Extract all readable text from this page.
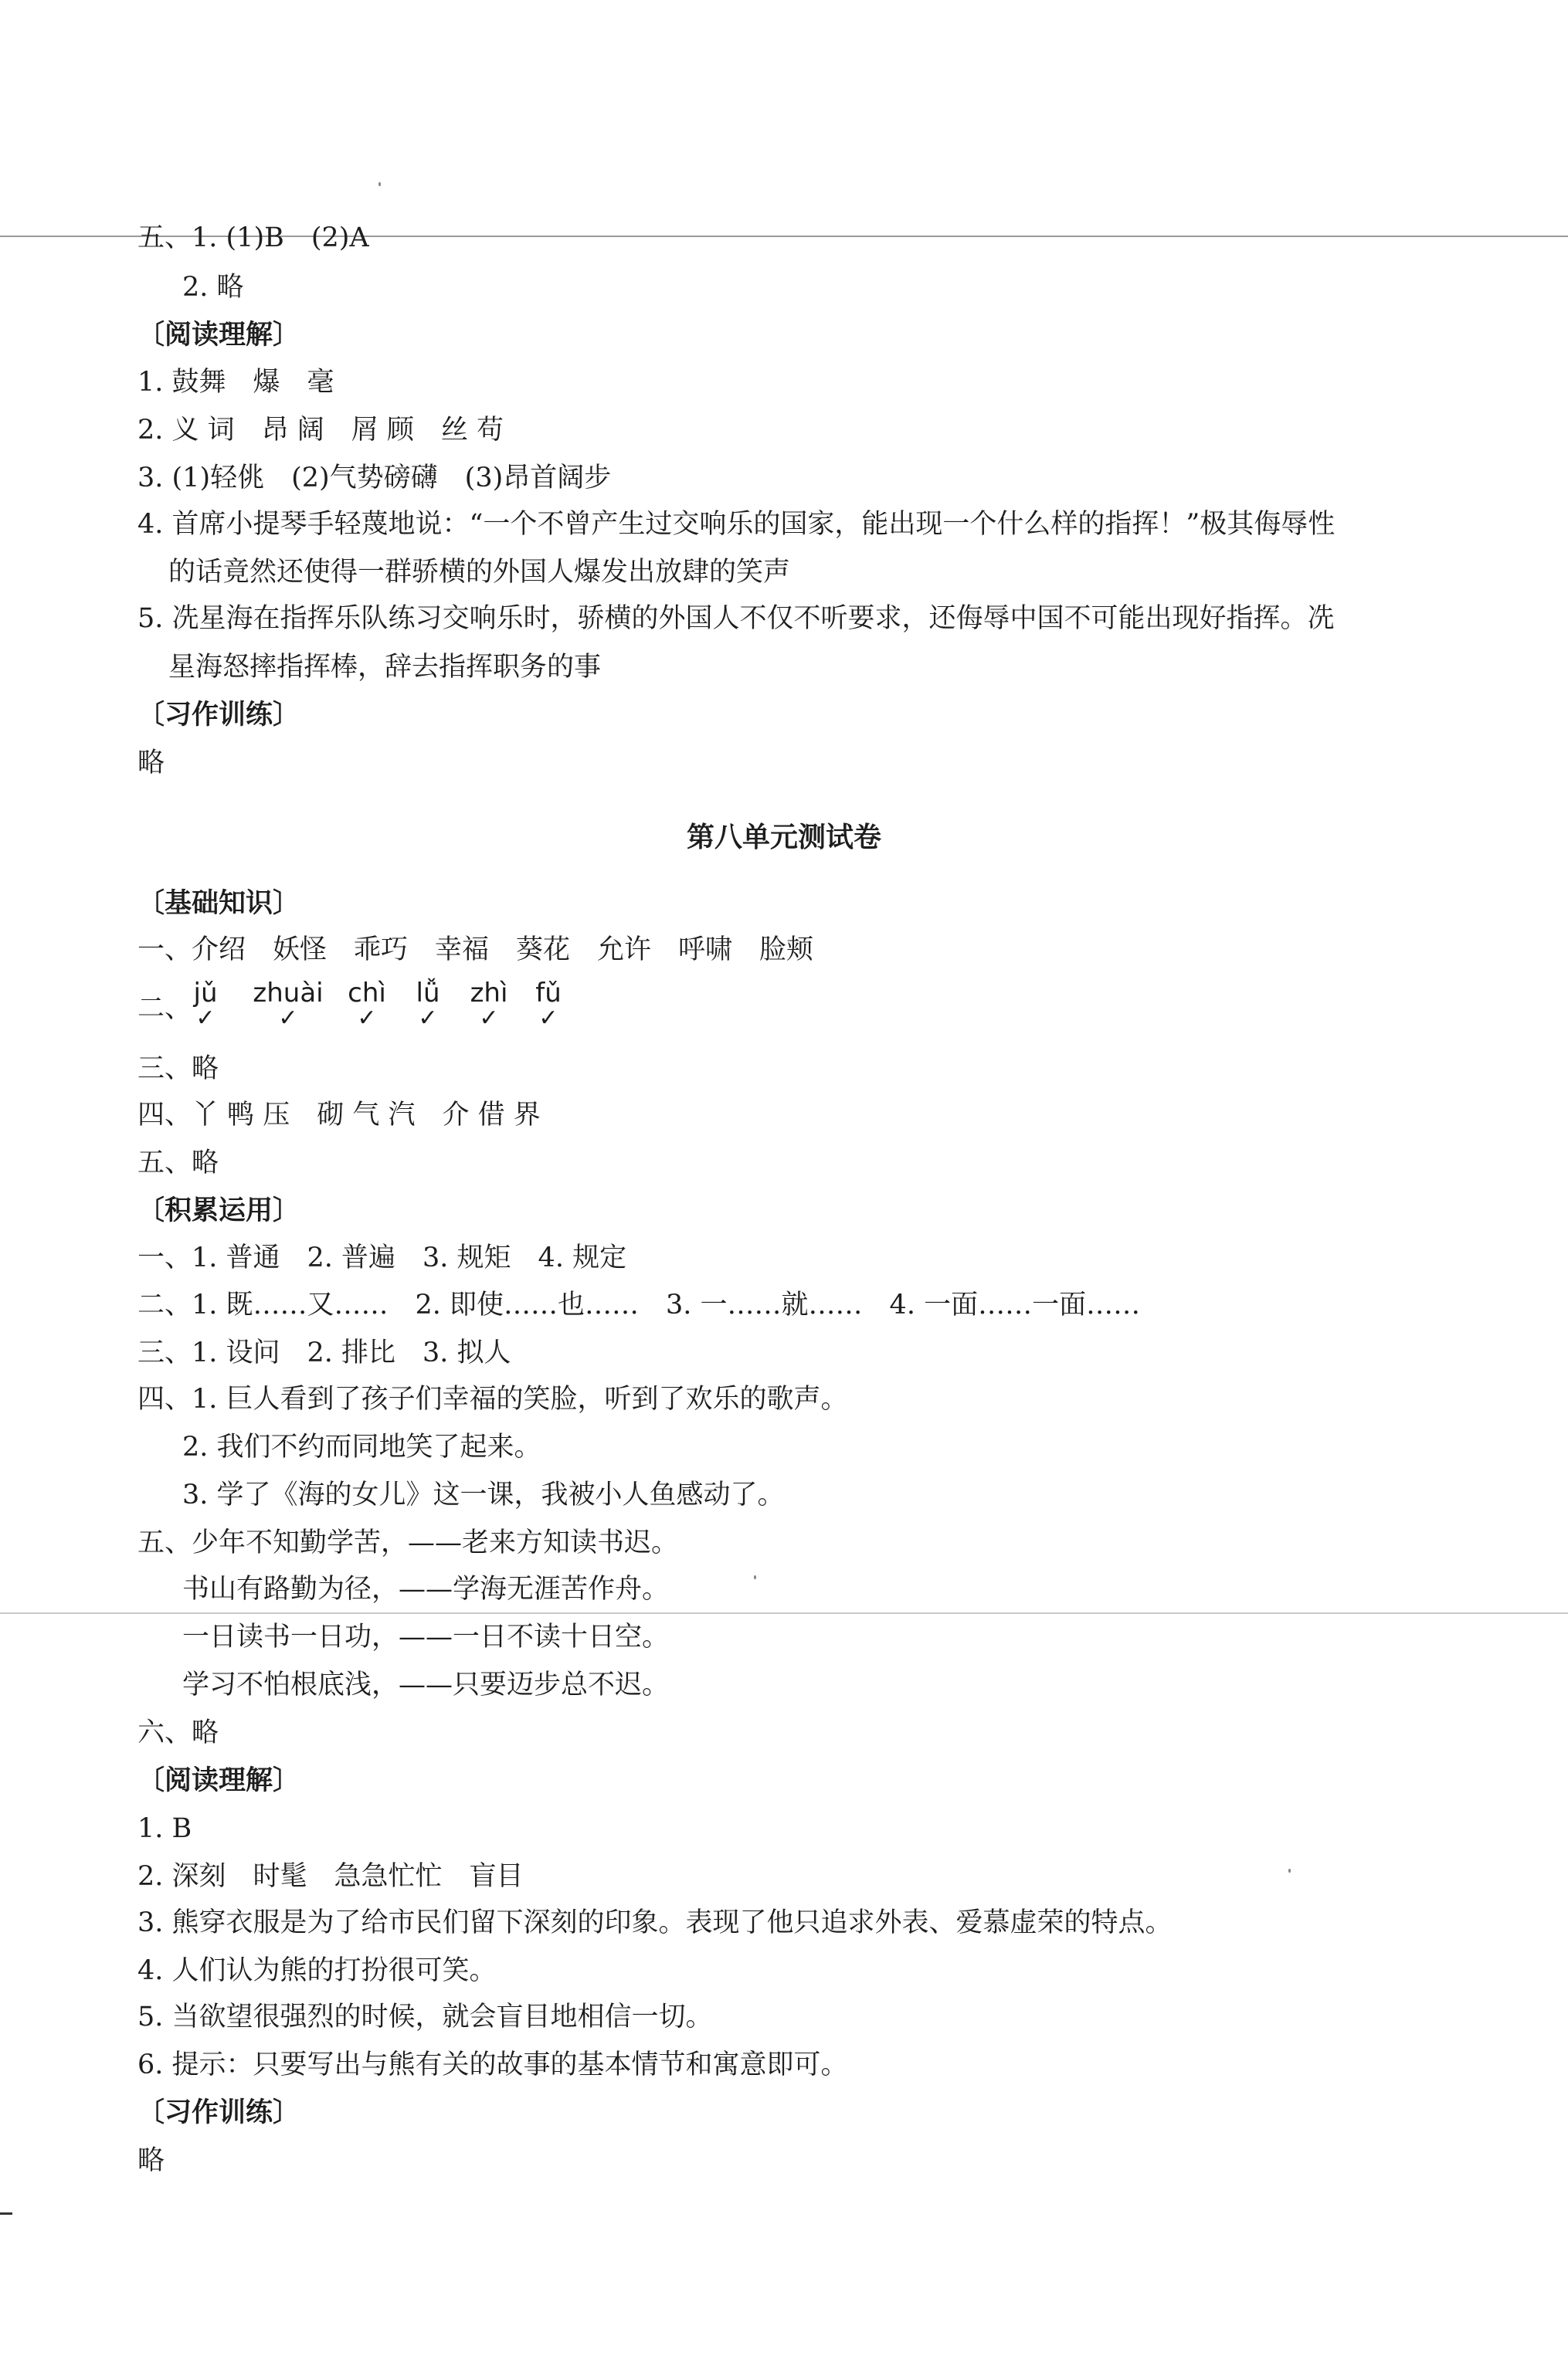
五、1. (1)B　(2)A
2. 略
〔阅读理解〕
1. 鼓舞　爆　毫
2. 义 词　昂 阔　屑 顾　丝 苟
3. (1)轻佻　(2)气势磅礴　(3)昂首阔步
4. 首席小提琴手轻蔑地说：“一个不曾产生过交响乐的国家，能出现一个什么样的指挥！”极其侮辱性
的话竟然还使得一群骄横的外国人爆发出放肆的笑声
5. 冼星海在指挥乐队练习交响乐时，骄横的外国人不仅不听要求，还侮辱中国不可能出现好指挥。冼
星海怒摔指挥棒，辞去指挥职务的事
〔习作训练〕
略
第八单元测试卷
〔基础知识〕
一、介绍　妖怪　乖巧　幸福　葵花　允许　呼啸　脸颊
二、 jǔ
✓
zhuài
✓
chì
✓
lǚ
✓
zhì
✓
fǔ
✓
三、略
四、丫 鸭 压　砌 气 汽　介 借 界
五、略
〔积累运用〕
一、1. 普通　2. 普遍　3. 规矩　4. 规定
二、1. 既……又……　2. 即使……也……　3. 一……就……　4. 一面……一面……
三、1. 设问　2. 排比　3. 拟人
四、1. 巨人看到了孩子们幸福的笑脸，听到了欢乐的歌声。
2. 我们不约而同地笑了起来。
3. 学了《海的女儿》这一课，我被小人鱼感动了。
五、少年不知勤学苦，——老来方知读书迟。
书山有路勤为径，——学海无涯苦作舟。
一日读书一日功，——一日不读十日空。
学习不怕根底浅，——只要迈步总不迟。
六、略
〔阅读理解〕
1. B
2. 深刻　时髦　急急忙忙　盲目
3. 熊穿衣服是为了给市民们留下深刻的印象。表现了他只追求外表、爱慕虚荣的特点。
4. 人们认为熊的打扮很可笑。
5. 当欲望很强烈的时候，就会盲目地相信一切。
6. 提示：只要写出与熊有关的故事的基本情节和寓意即可。
〔习作训练〕
略
